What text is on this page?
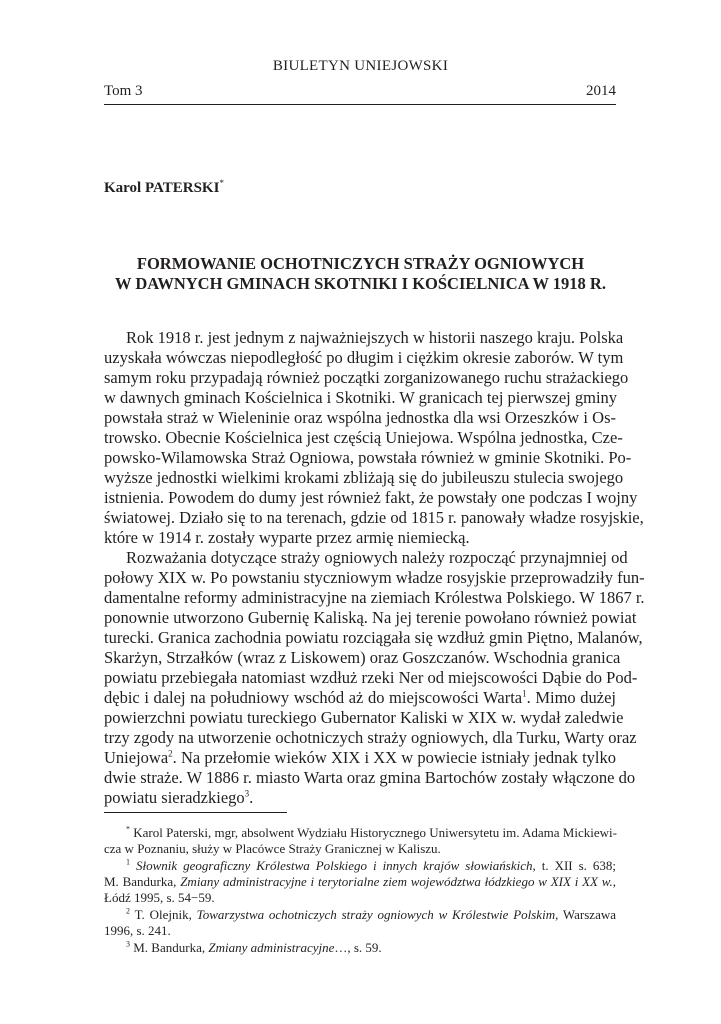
BIULETYN UNIEJOWSKI
Tom 3	2014
Karol PATERSKI*
FORMOWANIE OCHOTNICZYCH STRAŻY OGNIOWYCH
W DAWNYCH GMINACH SKOTNIKI I KOŚCIELNICA W 1918 R.
Rok 1918 r. jest jednym z najważniejszych w historii naszego kraju. Polska
uzyskała wówczas niepodległość po długim i ciężkim okresie zaborów. W tym
samym roku przypadają również początki zorganizowanego ruchu strażackiego
w dawnych gminach Kościelnica i Skotniki. W granicach tej pierwszej gminy
powstała straż w Wieleninie oraz wspólna jednostka dla wsi Orzeszków i Os-
trowsko. Obecnie Kościelnica jest częścią Uniejowa. Wspólna jednostka, Cze-
powsko-Wilamowska Straż Ogniowa, powstała również w gminie Skotniki. Po-
wyższe jednostki wielkimi krokami zbliżają się do jubileuszu stulecia swojego
istnienia. Powodem do dumy jest również fakt, że powstały one podczas I wojny
światowej. Działo się to na terenach, gdzie od 1815 r. panowały władze rosyjskie,
które w 1914 r. zostały wyparte przez armię niemiecką.
Rozważania dotyczące straży ogniowych należy rozpocząć przynajmniej od
połowy XIX w. Po powstaniu styczniowym władze rosyjskie przeprowadziły fun-
damentalne reformy administracyjne na ziemiach Królestwa Polskiego. W 1867 r.
ponownie utworzono Gubernię Kaliską. Na jej terenie powołano również powiat
turecki. Granica zachodnia powiatu rozciągała się wzdłuż gmin Piętno, Malanów,
Skarżyn, Strzałków (wraz z Liskowem) oraz Goszczanów. Wschodnia granica
powiatu przebiegała natomiast wzdłuż rzeki Ner od miejscowości Dąbie do Pod-
dębic i dalej na południowy wschód aż do miejscowości Warta$^1$. Mimo dużej
powierzchni powiatu tureckiego Gubernator Kaliski w XIX w. wydał zaledwie
trzy zgody na utworzenie ochotniczych straży ogniowych, dla Turku, Warty oraz
Uniejowa$^2$. Na przełomie wieków XIX i XX w powiecie istniały jednak tylko
dwie straże. W 1886 r. miasto Warta oraz gmina Bartochów zostały włączone do
powiatu sieradzkiego$^3$.
* Karol Paterski, mgr, absolwent Wydziału Historycznego Uniwersytetu im. Adama Mickiewi-
cza w Poznaniu, służy w Placówce Straży Granicznej w Kaliszu.
$^1$ Słownik geograficzny Królestwa Polskiego i innych krajów słowiańskich, t. XII s. 638;
M. Bandurka, Zmiany administracyjne i terytorialne ziem województwa łódzkiego w XIX i XX w.,
Łódź 1995, s. 54−59.
$^2$ T. Olejnik, Towarzystwa ochotniczych straży ogniowych w Królestwie Polskim, Warszawa
1996, s. 241.
$^3$ M. Bandurka, Zmiany administracyjne…, s. 59.
